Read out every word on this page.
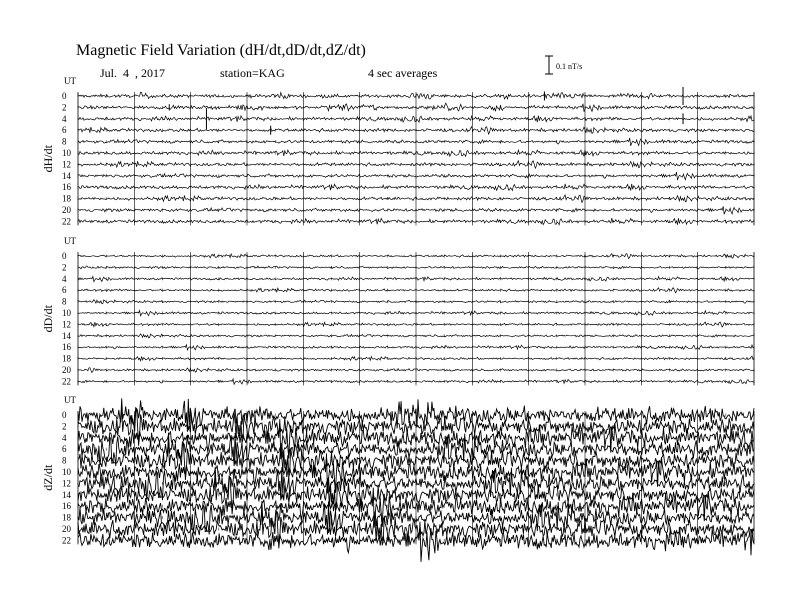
Magnetic Field Variation (dH/dt,dD/dt,dZ/dt)
Jul.  4  , 2017	station=KAG	4 sec averages	0.1 nT/s
UT
dH/dt
0
2
4
6
8
10
12
14
16
18
20
22
UT
dD/dt
0
2
4
6
8
10
12
14
16
18
20
22
UT
dZ/dt
0
2
4
6
8
10
12
14
16
18
20
22
